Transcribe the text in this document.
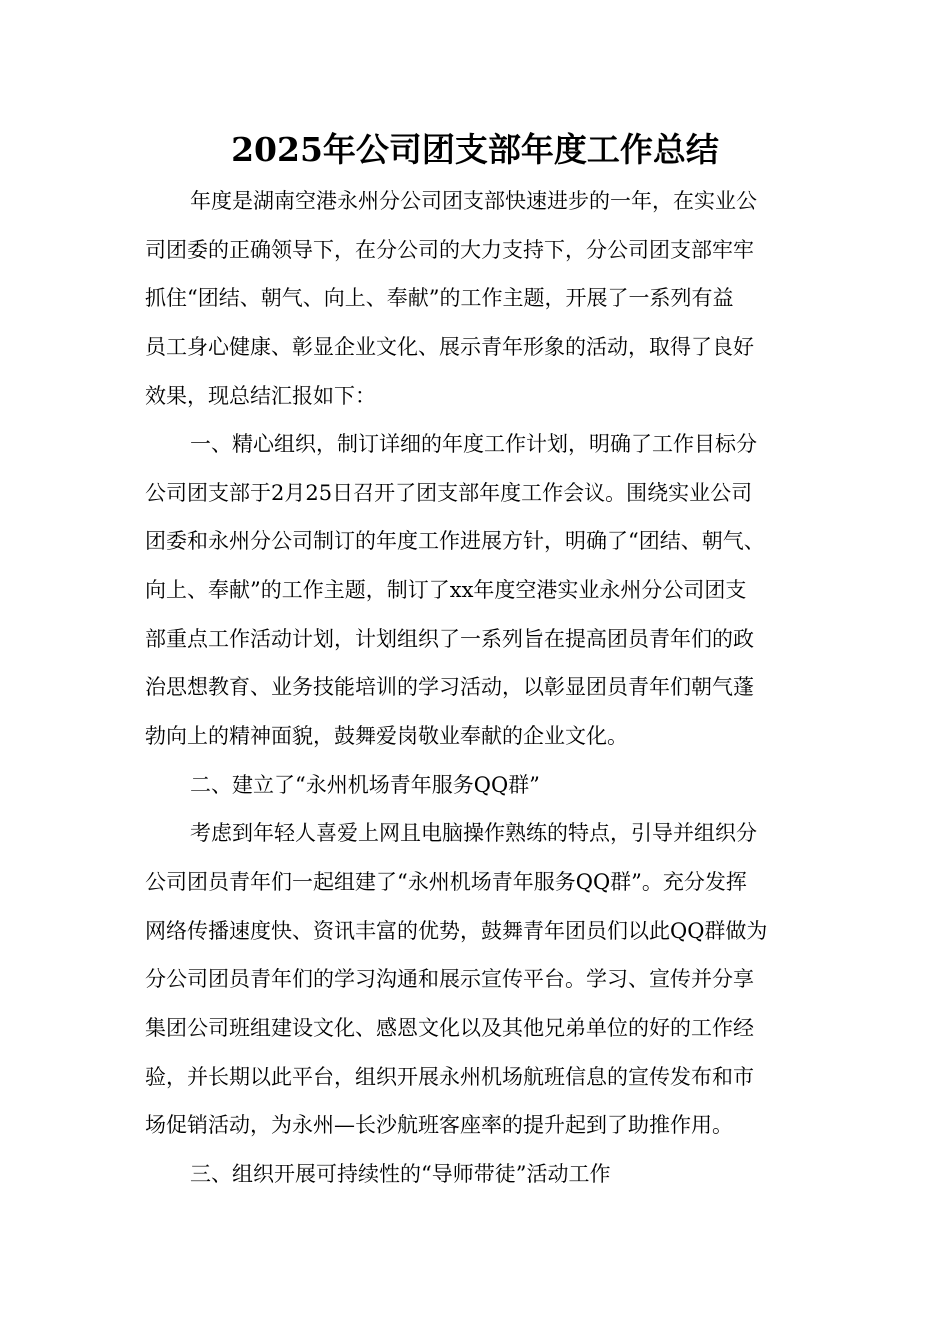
2025年公司团支部年度工作总结
年度是湖南空港永州分公司团支部快速进步的一年，在实业公
司团委的正确领导下，在分公司的大力支持下，分公司团支部牢牢
抓住“团结、朝气、向上、奉献”的工作主题，开展了一系列有益
员工身心健康、彰显企业文化、展示青年形象的活动，取得了良好
效果，现总结汇报如下：
一、精心组织，制订详细的年度工作计划，明确了工作目标分
公司团支部于2月25日召开了团支部年度工作会议。围绕实业公司
团委和永州分公司制订的年度工作进展方针，明确了“团结、朝气、
向上、奉献”的工作主题，制订了xx年度空港实业永州分公司团支
部重点工作活动计划，计划组织了一系列旨在提高团员青年们的政
治思想教育、业务技能培训的学习活动，以彰显团员青年们朝气蓬
勃向上的精神面貌，鼓舞爱岗敬业奉献的企业文化。
二、建立了“永州机场青年服务QQ群”
考虑到年轻人喜爱上网且电脑操作熟练的特点，引导并组织分
公司团员青年们一起组建了“永州机场青年服务QQ群”。充分发挥
网络传播速度快、资讯丰富的优势，鼓舞青年团员们以此QQ群做为
分公司团员青年们的学习沟通和展示宣传平台。学习、宣传并分享
集团公司班组建设文化、感恩文化以及其他兄弟单位的好的工作经
验，并长期以此平台，组织开展永州机场航班信息的宣传发布和市
场促销活动，为永州—长沙航班客座率的提升起到了助推作用。
三、组织开展可持续性的“导师带徒”活动工作
